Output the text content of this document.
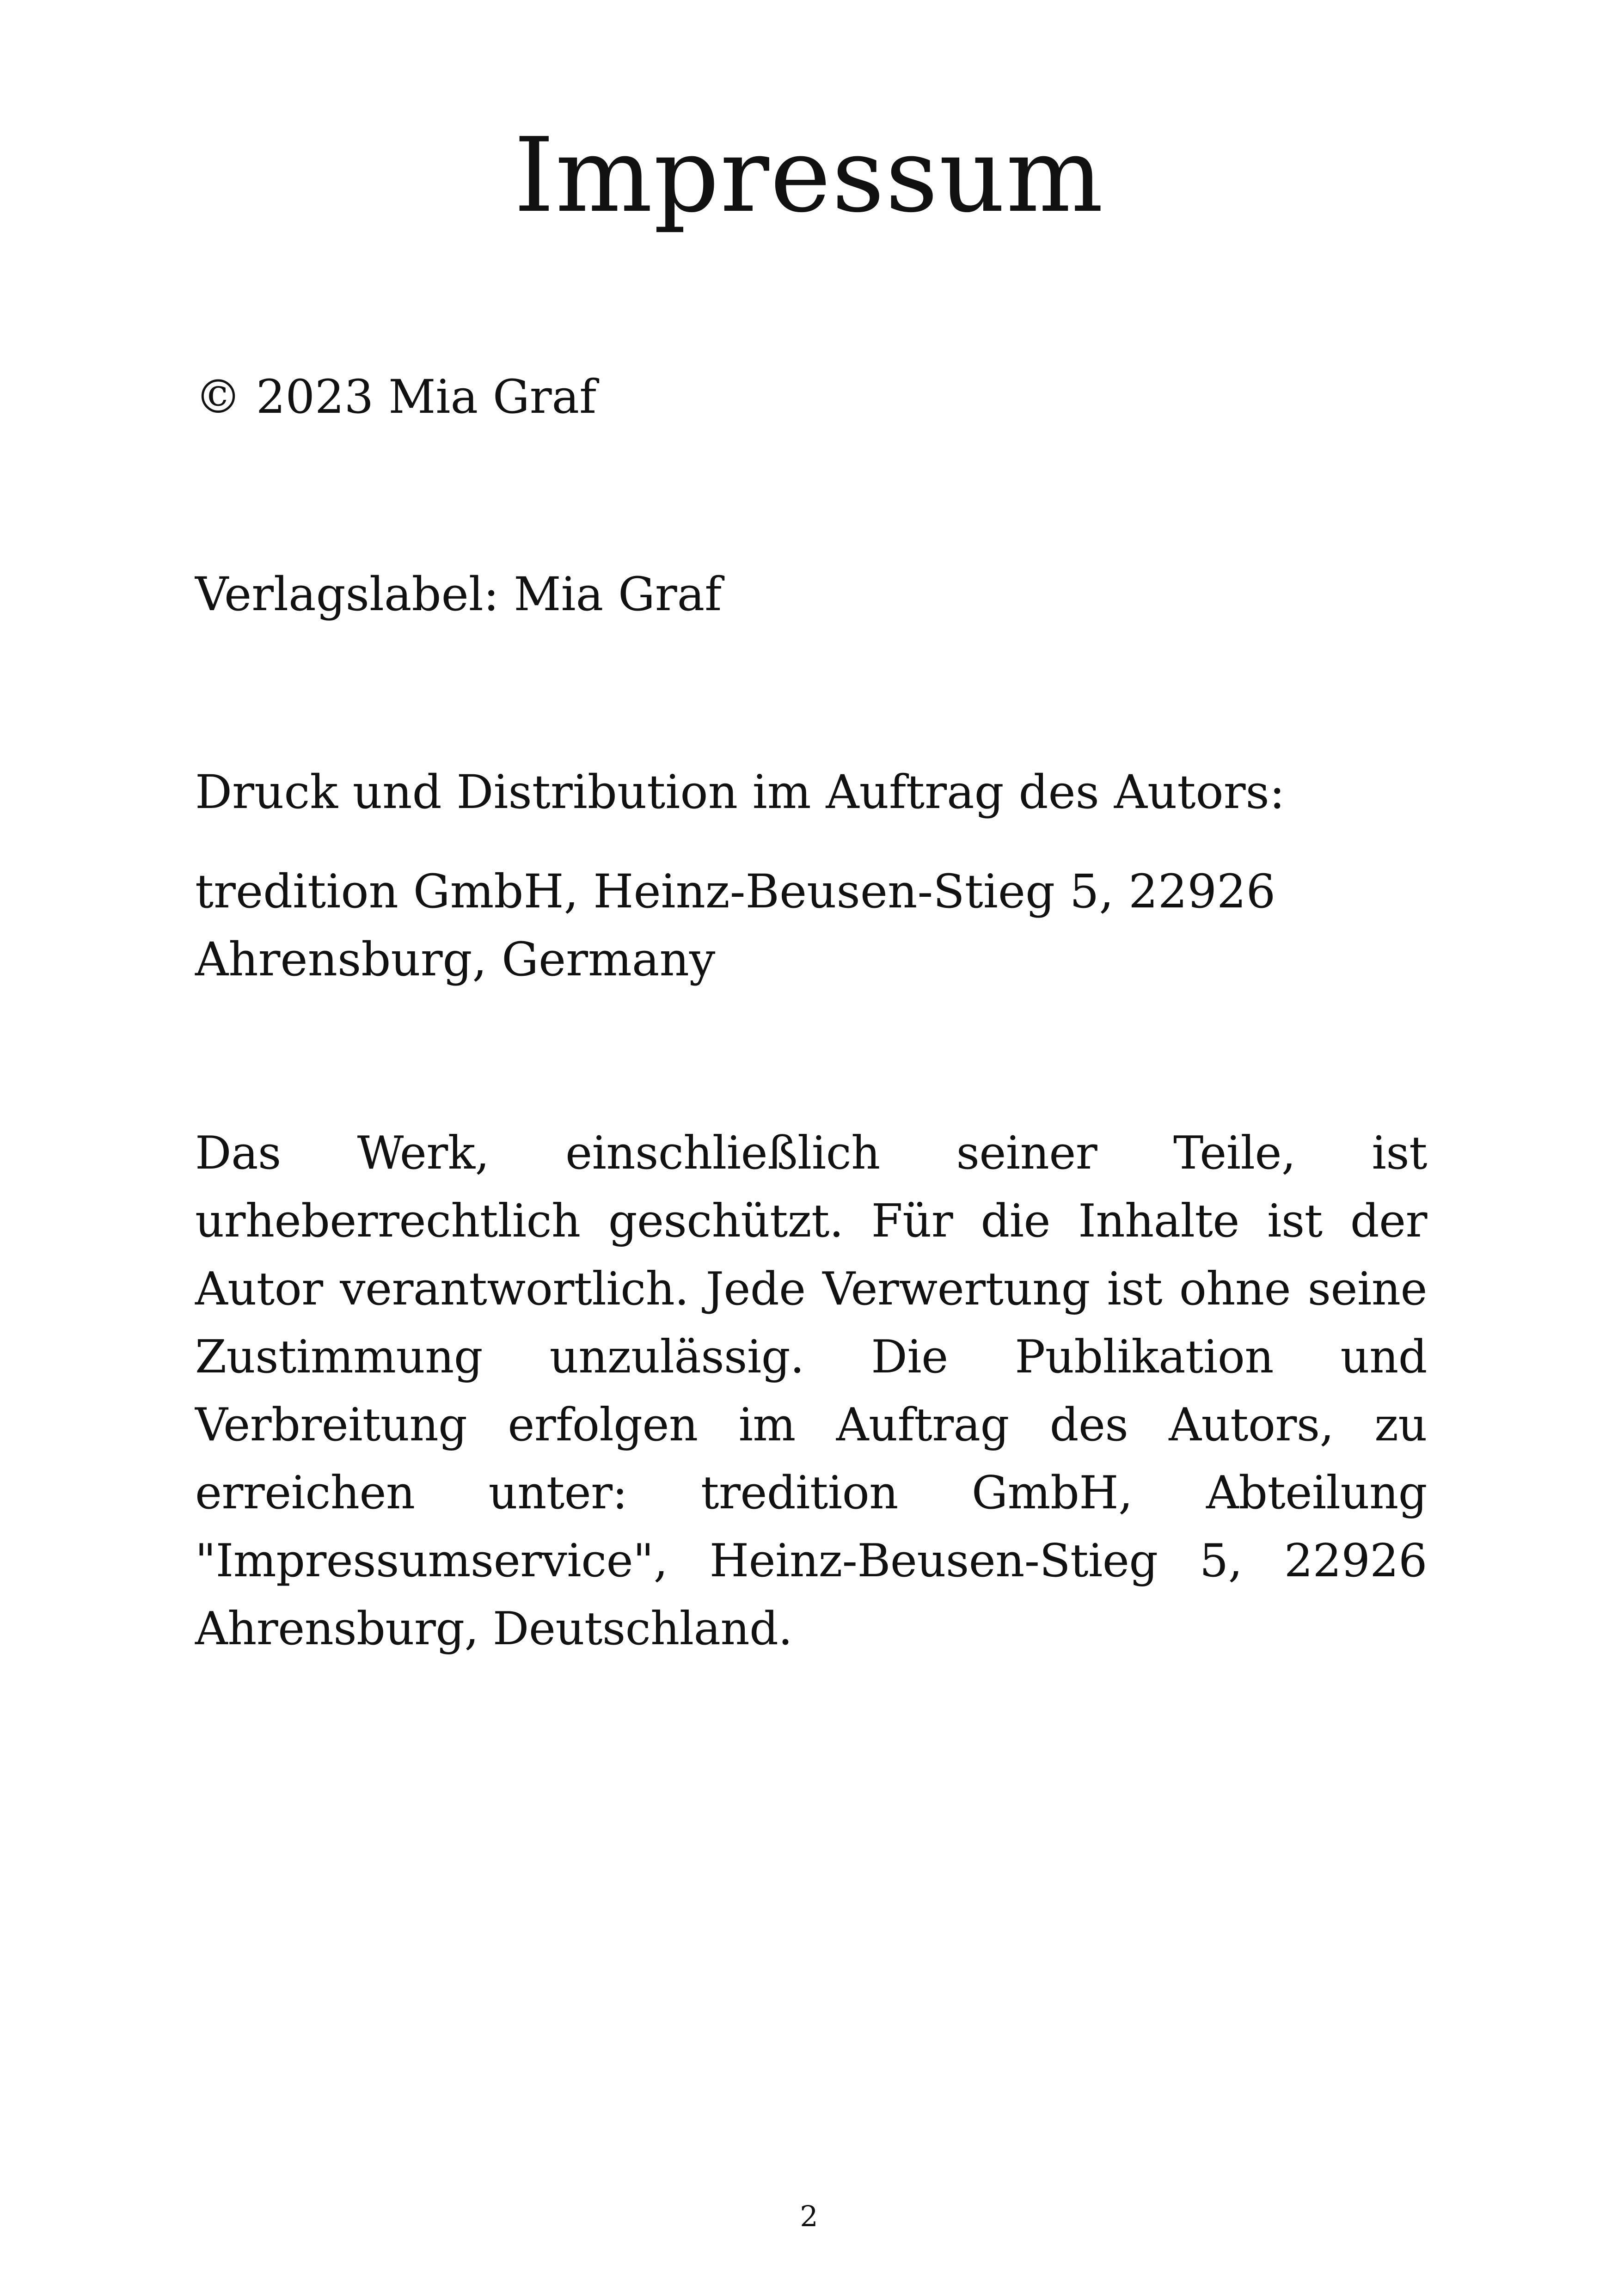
Impressum

© 2023 Mia Graf

Verlagslabel: Mia Graf

Druck und Distribution im Auftrag des Autors:

tredition GmbH, Heinz-Beusen-Stieg 5, 22926 Ahrensburg, Germany

Das Werk, einschließlich seiner Teile, ist urheberrechtlich geschützt. Für die Inhalte ist der Autor verantwortlich. Jede Verwertung ist ohne seine Zustimmung unzulässig. Die Publikation und Verbreitung erfolgen im Auftrag des Autors, zu erreichen unter: tredition GmbH, Abteilung "Impressumservice", Heinz-Beusen-Stieg 5, 22926 Ahrensburg, Deutschland.

2
